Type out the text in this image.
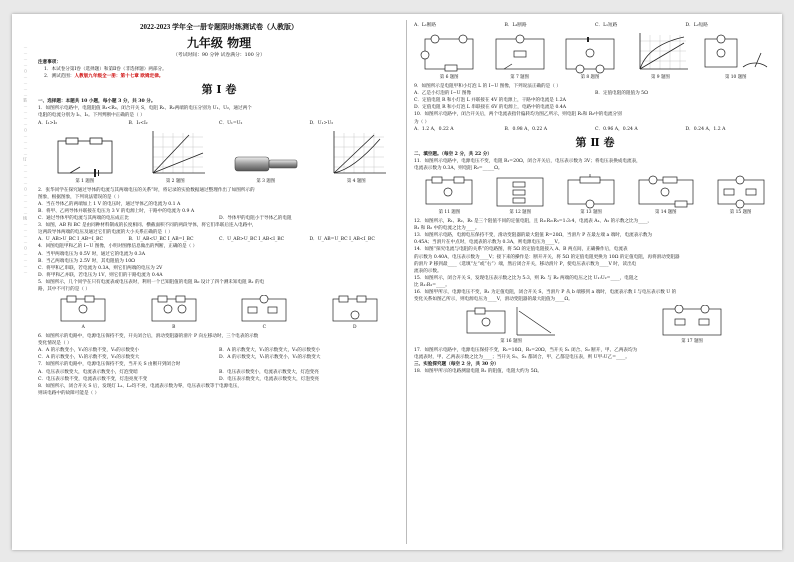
…………○…………装…………○…………订…………○…………线…………○…………
2022-2023 学年全一册专题限时练测试卷（人教版）
九年级 物理
（考试时间：90 分钟 试卷满分：100 分）
注意事项：
1．本试卷分第Ⅰ卷（选择题）和第Ⅱ卷（非选择题）两部分。
2．测试范围：人教版九年级全一册：第十七章 欧姆定律。
第 Ⅰ 卷
一、选择题：本题共 10 小题，每小题 3 分，共 30 分。
1．如图所示电路中，电阻阻值 R₁<R₂。闭合开关 S，电阻 R₁、R₂两端的电压分别为 U₁、U₂，通过两个
电阻的电流分别为 I₁、I₂。下列判断中正确的是（ ）
A．I₁>I₂	B．I₁<I₂	C．U₁=U₂	D．U₁>U₂
第 1 题图	第 2 题图	第 3 题图	第 4 题图
2．张华同学在探究通过导体的电流与其两端电压的关系”时，将记录的实验数据通过整理作出了如图所示的
图象，根据图象，下列说法错误的是（ ）
A．当在导体乙的两端加上 1 V 的电压时，通过导体乙的电流为 0.1 A
B．将甲、乙两导体并联接在电压为 3 V 的电源上时，干路中的电流为 0.9 A
C．通过导体甲的电流与其两端的电压成正比	D．导体甲的电阻小于导体乙的电阻
3．如图，AB 和 BC 是由同种材料制成的长度相同、横截面积不同的两段导体，将它们串联后连入电路中，
这两段导体两端的电压及通过它们的电流的大小关系正确的是（ ）
A．U_AB>U_BC I_AB=I_BC	B．U_AB<U_BC I_AB=I_BC	C．U_AB>U_BC I_AB<I_BC	D．U_AB=U_BC I_AB<I_BC
4．回图电阻甲和乙的 I−U 图像，小明对图像信息做出的判断，正确的是（ ）
A．当甲两端电压为 0.5V 时，通过它的电流为 0.3A
B．当乙两端电压为 2.5V 时，其电阻值为 10Ω
C．将甲和乙串联，若电流为 0.3A，则它们两端的电压为 2V
D．将甲和乙并联，若电压为 1V，则它们的干路电流为 0.4A
5．如图所示，几个同学在只有电流表或电压表时，利用一个已知阻值的电阻 R₀ 设计了四个测未知电阻 Rₓ 的电
路，其中不可行的是（ ）
A	B	C	D
6．如图所示的电路中，电源电压保持不变，开关闭合后，滑动变阻器的滑片 P 向左移动时，三个电表的示数
变化情况是（ ）
A．A 的示数变小，V₁的示数不变，V₂的示数变小	B．A 的示数变大，V₁的示数变大，V₂的示数变小
C．A 的示数变小，V₁的示数不变，V₂的示数变大	D．A 的示数变大，V₁的示数变小，V₂的示数变大
7．如图所示的电路中，电源电压保持不变，当开关 S 由断开到闭合时
A．电压表示数变大，电流表示数变小，灯泡变暗	B．电压表示数变小，电流表示数变大，灯泡变亮
C．电压表示数不变，电流表示数不变，灯泡亮度不变	D．电压表示数变大，电流表示数变大，灯泡变亮
8．如图所示，闭合开关 S 后，发现灯 L₁、L₂均不亮，电流表示数为零，电压表示数等于电源电压，
则该电路中的故障可能是（ ）
A．L₁断路	B．L₂断路	C．L₁短路	D．L₂短路
第 6 题图	第 7 题图	第 8 题图	第 9 题图	第 10 题图
9．如图所示是电阻甲和小灯泡 L 的 I−U 图像，下列说法正确的是（ ）
A．乙是小灯泡的 I−U 图像	B．定值电阻的阻值为 5Ω
C．定值电阻 R 和小灯泡 L 并联接在 4V 的电源上，干路中的电流是 1.2A
D．定值电阻 R 和小灯泡 L 串联接在 6V 的电源上，电路中的电流是 0.4A
10．如图所示电路中，闭合开关后，两个电流表指针偏转均为图乙所示，则电阻 R₁和 R₂中的电流分别
为（ ）
A．1.2 A，0.22 A	B．0.98 A，0.22 A	C．0.96 A，0.24 A	D．0.24 A，1.2 A
第 Ⅱ 卷
二、填空题。（每空 2 分，共 22 分）
11．如图所示电路中，电源电压不变，电阻 R₁=20Ω，闭合开关后，电压表示数为 3V；将电压表换成电流表，
电流表示数为 0.3A，则电阻 R₂=_____Ω。
第 11 题图	第 12 题图	第 13 题图	第 14 题图	第 15 题图
12．如图所示，R₁、R₂、R₃ 是三个阻值不同的定值电阻，且 R₁:R₂:R₃=1:3:4，电流表 A₁、A₂ 的示数之比为____，
R₁ 和 R₂ 中的电流之比为____。
13．如图所示电路，电源电压保持不变，滑动变阻器的最大阻值 R=20Ω，当滑片 P 在最左端 a 端时，电流表示数为
0.45A；当滑片在中点时，电流表的示数为 0.3A，则电源电压为____V。
14．如图“探究电流与电阻的关系”的电路图，将 5Ω 的定值电阻接入 A、B 两点间，正确操作后，电流表
的示数为 0.40A，电压表示数为____V；接下来的操作是：断开开关，将 5Ω 的定值电阻更换为 10Ω 的定值电阻，再将滑动变阻器
的滑片 P 移到最____（选填“左”或“右”）端，然后闭合开关，移动滑片 P，使电压表示数为____V 时，读出电
流表的示数。
15．如图所示，闭合开关 S，发现电压表示数之比为 5:3，则 R₁ 与 R₂ 两端的电压之比 U₁:U₂=____，电阻之
比 R₁:R₂=____。
16．如图甲所示，电源电压不变，R₁ 为定值电阻，闭合开关 S，当滑片 P 从 b 端移到 a 端时，电流表示数 I 与电压表示数 U 的
变化关系如图乙所示，则电源电压为____V，滑动变阻器的最大阻值为____Ω。
第 16 题图	第 17 题图
17．如图所示电路中，电源电压保持不变，R₁=10Ω，R₂=20Ω，当开关 S₁ 闭合、S₂ 断开，甲、乙两表均为
电流表时，甲、乙两表示数之比为____；当开关 S₁、S₂ 都闭合，甲、乙都是电压表，则 U甲:U乙=____。
三、实验探究题（每空 2 分，共 30 分）
18．如图甲所示的电路测量电阻 Rₓ 的阻值，电阻大约为 5Ω。
